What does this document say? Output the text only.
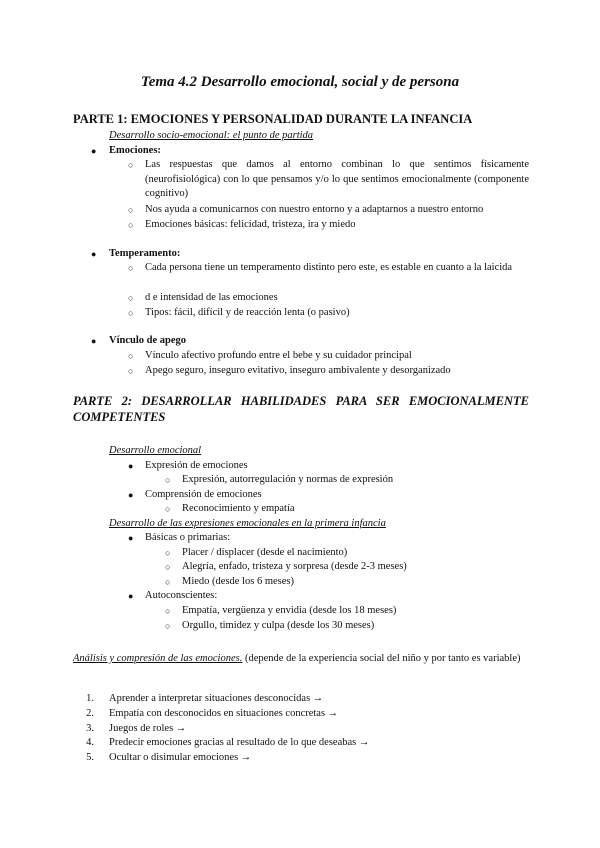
Tema 4.2 Desarrollo emocional, social y de persona
PARTE 1: EMOCIONES Y PERSONALIDAD DURANTE LA INFANCIA
Desarrollo socio-emocional: el punto de partida
● Emociones:
○ Las respuestas que damos al entorno combinan lo que sentimos físicamente (neurofisiológica) con lo que pensamos y/o lo que sentimos emocionalmente (componente cognitivo)
○ Nos ayuda a comunicarnos con nuestro entorno y a adaptarnos a nuestro entorno
○ Emociones básicas: felicidad, tristeza, ira y miedo
● Temperamento:
○ Cada persona tiene un temperamento distinto pero este, es estable en cuanto a la laicida
○ d e intensidad de las emociones
○ Tipos: fácil, difícil y de reacción lenta (o pasivo)
● Vínculo de apego
○ Vínculo afectivo profundo entre el bebe y su cuidador principal
○ Apego seguro, inseguro evitativo, inseguro ambivalente y desorganizado
PARTE 2: DESARROLLAR HABILIDADES PARA SER EMOCIONALMENTE COMPETENTES
Desarrollo emocional
● Expresión de emociones
○ Expresión, autorregulación y normas de expresión
● Comprensión de emociones
○ Reconocimiento y empatía
Desarrollo de las expresiones emocionales en la primera infancia
● Básicas o primarias:
○ Placer / displacer (desde el nacimiento)
○ Alegría, enfado, tristeza y sorpresa (desde 2-3 meses)
○ Miedo (desde los 6 meses)
● Autoconscientes:
○ Empatía, vergüenza y envidia (desde los 18 meses)
○ Orgullo, timidez y culpa (desde los 30 meses)
Análisis y compresión de las emociones. (depende de la experiencia social del niño y por tanto es variable)
1. Aprender a interpretar situaciones desconocidas →
2. Empatía con desconocidos en situaciones concretas →
3. Juegos de roles →
4. Predecir emociones gracias al resultado de lo que deseabas →
5. Ocultar o disimular emociones →
